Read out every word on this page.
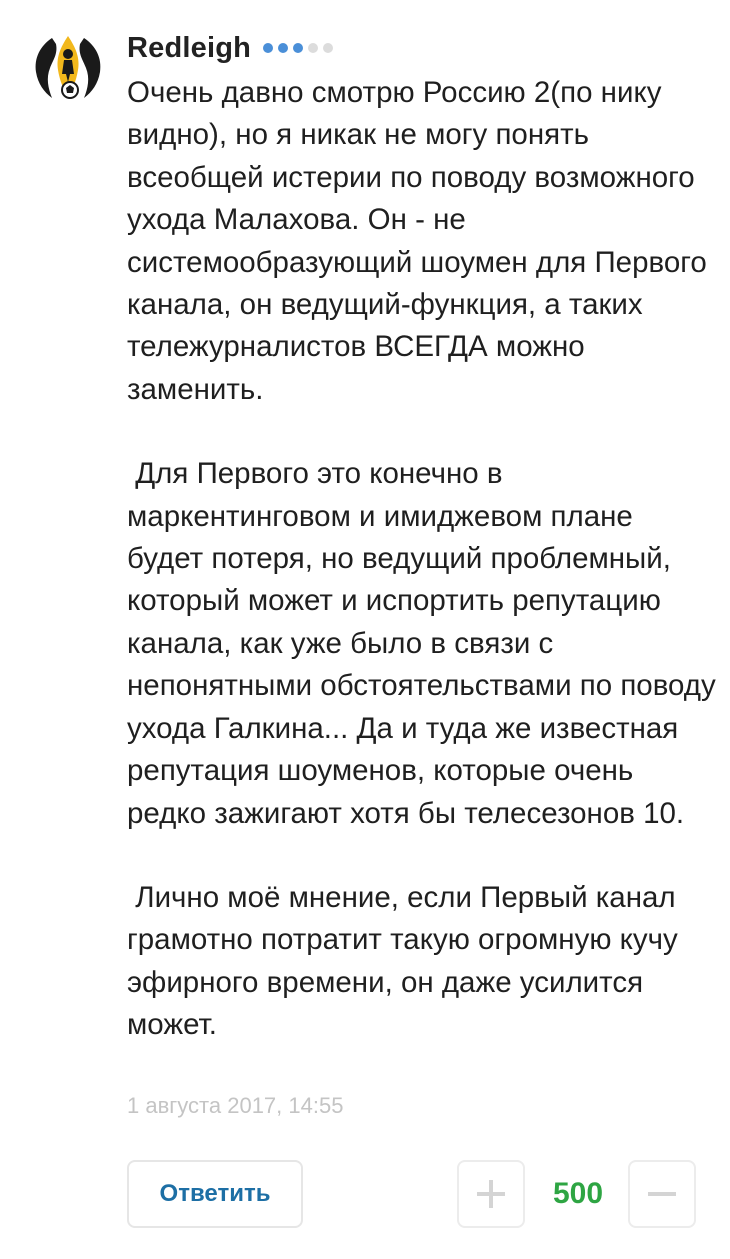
Redleigh

Очень давно смотрю Россию 2(по нику видно), но я никак не могу понять всеобщей истерии по поводу возможного ухода Малахова. Он - не системообразующий шоумен для Первого канала, он ведущий-функция, а таких тележурналистов ВСЕГДА можно заменить.

Для Первого это конечно в маркентинговом и имиджевом плане будет потеря, но ведущий проблемный, который может и испортить репутацию канала, как уже было в связи с непонятными обстоятельствами по поводу ухода Галкина... Да и туда же известная репутация шоуменов, которые очень редко зажигают хотя бы телесезонов 10.

Лично моё мнение, если Первый канал грамотно потратит такую огромную кучу эфирного времени, он даже усилится может.

1 августа 2017, 14:55
Ответить	500
